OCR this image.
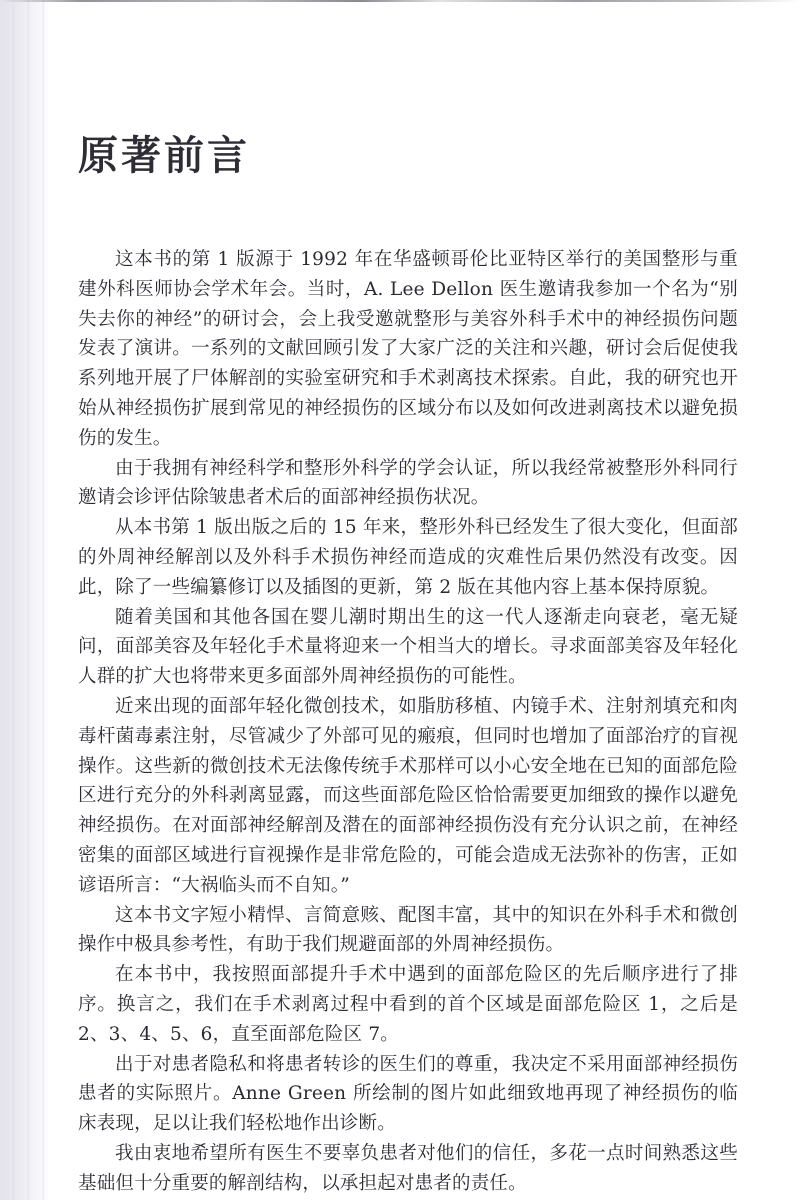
原著前言

这本书的第 1 版源于 1992 年在华盛顿哥伦比亚特区举行的美国整形与重建外科医师协会学术年会。当时，A. Lee Dellon 医生邀请我参加一个名为“别失去你的神经”的研讨会，会上我受邀就整形与美容外科手术中的神经损伤问题发表了演讲。一系列的文献回顾引发了大家广泛的关注和兴趣，研讨会后促使我系列地开展了尸体解剖的实验室研究和手术剥离技术探索。自此，我的研究也开始从神经损伤扩展到常见的神经损伤的区域分布以及如何改进剥离技术以避免损伤的发生。

由于我拥有神经科学和整形外科学的学会认证，所以我经常被整形外科同行邀请会诊评估除皱患者术后的面部神经损伤状况。

从本书第 1 版出版之后的 15 年来，整形外科已经发生了很大变化，但面部的外周神经解剖以及外科手术损伤神经而造成的灾难性后果仍然没有改变。因此，除了一些编纂修订以及插图的更新，第 2 版在其他内容上基本保持原貌。

随着美国和其他各国在婴儿潮时期出生的这一代人逐渐走向衰老，毫无疑问，面部美容及年轻化手术量将迎来一个相当大的增长。寻求面部美容及年轻化人群的扩大也将带来更多面部外周神经损伤的可能性。

近来出现的面部年轻化微创技术，如脂肪移植、内镜手术、注射剂填充和肉毒杆菌毒素注射，尽管减少了外部可见的瘢痕，但同时也增加了面部治疗的盲视操作。这些新的微创技术无法像传统手术那样可以小心安全地在已知的面部危险区进行充分的外科剥离显露，而这些面部危险区恰恰需要更加细致的操作以避免神经损伤。在对面部神经解剖及潜在的面部神经损伤没有充分认识之前，在神经密集的面部区域进行盲视操作是非常危险的，可能会造成无法弥补的伤害，正如谚语所言：“大祸临头而不自知。”

这本书文字短小精悍、言简意赅、配图丰富，其中的知识在外科手术和微创操作中极具参考性，有助于我们规避面部的外周神经损伤。

在本书中，我按照面部提升手术中遇到的面部危险区的先后顺序进行了排序。换言之，我们在手术剥离过程中看到的首个区域是面部危险区 1，之后是 2、3、4、5、6，直至面部危险区 7。

出于对患者隐私和将患者转诊的医生们的尊重，我决定不采用面部神经损伤患者的实际照片。Anne Green 所绘制的图片如此细致地再现了神经损伤的临床表现，足以让我们轻松地作出诊断。

我由衷地希望所有医生不要辜负患者对他们的信任，多花一点时间熟悉这些基础但十分重要的解剖结构，以承担起对患者的责任。
